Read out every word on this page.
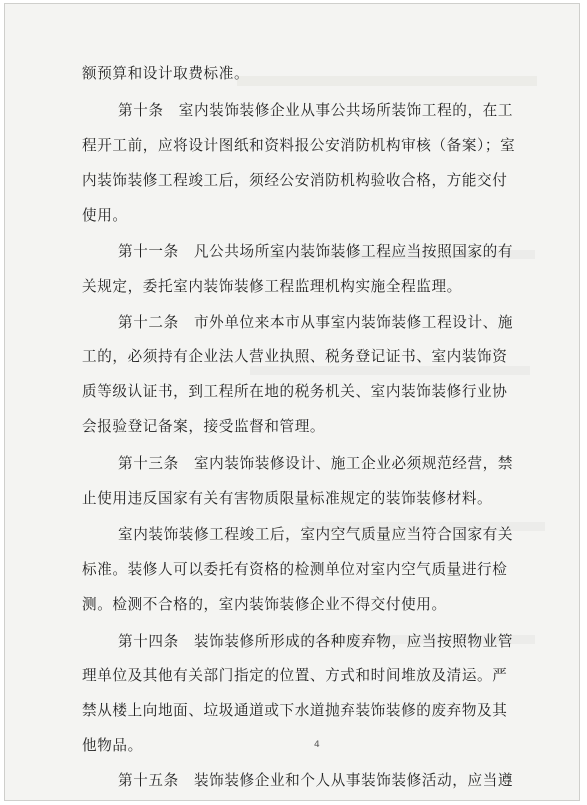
额预算和设计取费标准。
第十条　室内装饰装修企业从事公共场所装饰工程的，在工
程开工前，应将设计图纸和资料报公安消防机构审核（备案）；室
内装饰装修工程竣工后，须经公安消防机构验收合格，方能交付
使用。
第十一条　凡公共场所室内装饰装修工程应当按照国家的有
关规定，委托室内装饰装修工程监理机构实施全程监理。
第十二条　市外单位来本市从事室内装饰装修工程设计、施
工的，必须持有企业法人营业执照、税务登记证书、室内装饰资
质等级认证书，到工程所在地的税务机关、室内装饰装修行业协
会报验登记备案，接受监督和管理。
第十三条　室内装饰装修设计、施工企业必须规范经营，禁
止使用违反国家有关有害物质限量标准规定的装饰装修材料。
室内装饰装修工程竣工后，室内空气质量应当符合国家有关
标准。装修人可以委托有资格的检测单位对室内空气质量进行检
测。检测不合格的，室内装饰装修企业不得交付使用。
第十四条　装饰装修所形成的各种废弃物，应当按照物业管
理单位及其他有关部门指定的位置、方式和时间堆放及清运。严
禁从楼上向地面、垃圾通道或下水道抛弃装饰装修的废弃物及其
他物品。
第十五条　装饰装修企业和个人从事装饰装修活动，应当遵
4
